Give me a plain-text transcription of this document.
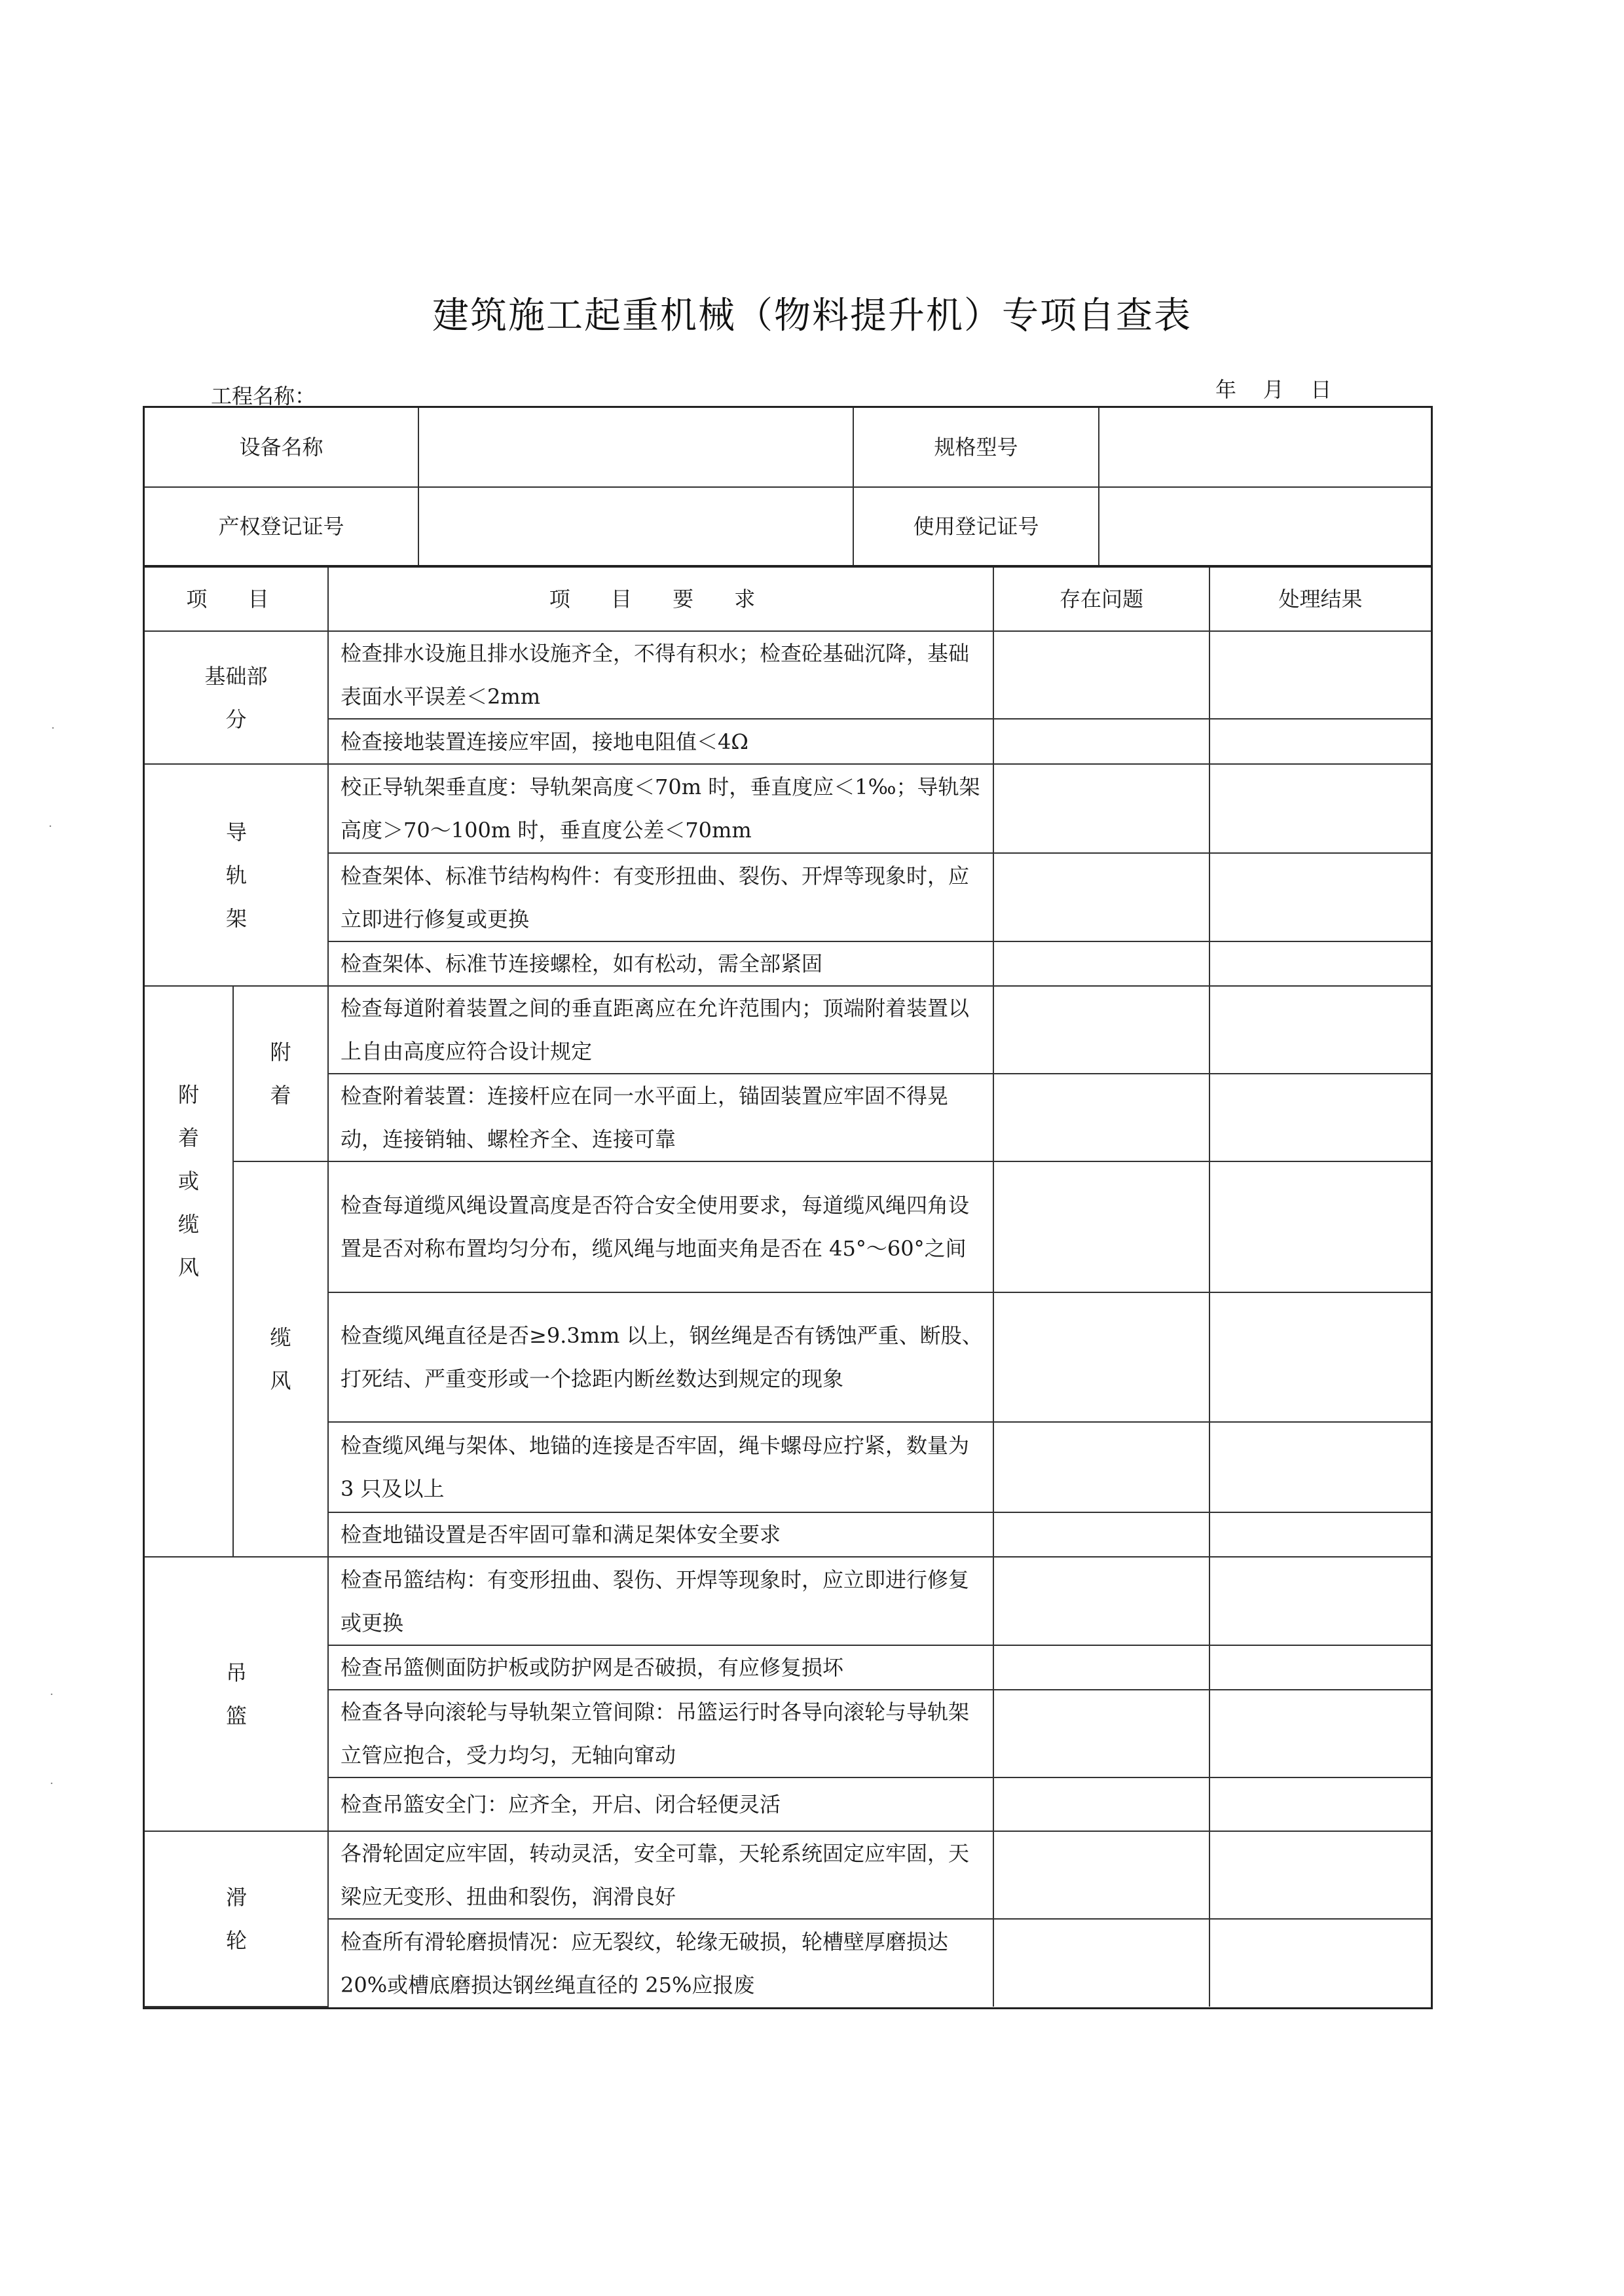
建筑施工起重机械（物料提升机）专项自查表
工程名称：	年    月    日
设备名称		规格型号	
产权登记证号		使用登记证号	
项 目		项 目 要 求	存在问题	处理结果
基础部分		检查排水设施且排水设施齐全，不得有积水；检查砼基础沉降，基础表面水平误差＜2mm		
		检查接地装置连接应牢固，接地电阻值＜4Ω		
导轨架		校正导轨架垂直度：导轨架高度＜70m 时，垂直度应＜1‰；导轨架高度＞70～100m 时，垂直度公差＜70mm		
		检查架体、标准节结构构件：有变形扭曲、裂伤、开焊等现象时，应立即进行修复或更换		
		检查架体、标准节连接螺栓，如有松动，需全部紧固		
附着或缆风	附着	检查每道附着装置之间的垂直距离应在允许范围内；顶端附着装置以上自由高度应符合设计规定		
		检查附着装置：连接杆应在同一水平面上，锚固装置应牢固不得晃动，连接销轴、螺栓齐全、连接可靠		
	缆风	检查每道缆风绳设置高度是否符合安全使用要求，每道缆风绳四角设置是否对称布置均匀分布，缆风绳与地面夹角是否在 45°～60°之间		
		检查缆风绳直径是否≥9.3mm 以上，钢丝绳是否有锈蚀严重、断股、打死结、严重变形或一个捻距内断丝数达到规定的现象		
		检查缆风绳与架体、地锚的连接是否牢固，绳卡螺母应拧紧，数量为 3 只及以上		
		检查地锚设置是否牢固可靠和满足架体安全要求		
吊篮		检查吊篮结构：有变形扭曲、裂伤、开焊等现象时，应立即进行修复或更换		
		检查吊篮侧面防护板或防护网是否破损，有应修复损坏		
		检查各导向滚轮与导轨架立管间隙：吊篮运行时各导向滚轮与导轨架立管应抱合，受力均匀，无轴向窜动		
		检查吊篮安全门：应齐全，开启、闭合轻便灵活		
滑轮		各滑轮固定应牢固，转动灵活，安全可靠，天轮系统固定应牢固，天梁应无变形、扭曲和裂伤，润滑良好		
		检查所有滑轮磨损情况：应无裂纹，轮缘无破损，轮槽壁厚磨损达 20%或槽底磨损达钢丝绳直径的 25%应报废		
·
·
·
·
